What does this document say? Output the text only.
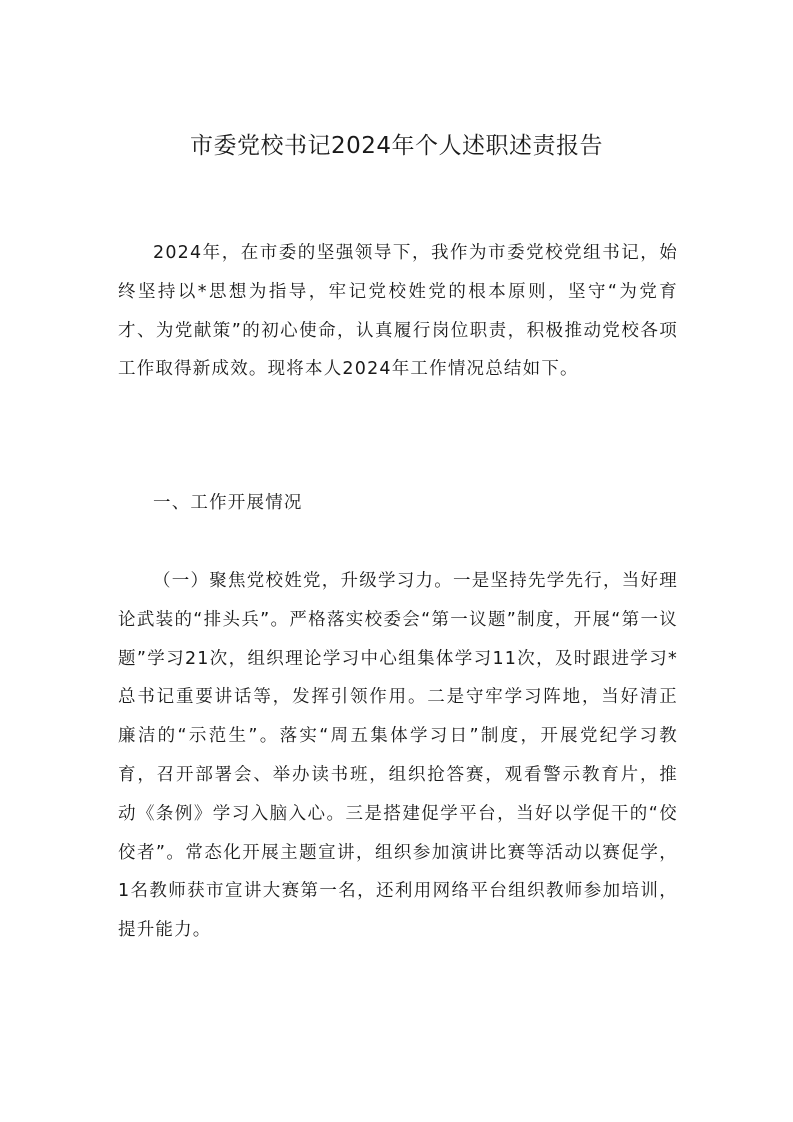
市委党校书记2024年个人述职述责报告

2024年，在市委的坚强领导下，我作为市委党校党组书记，始终坚持以*思想为指导，牢记党校姓党的根本原则，坚守“为党育才、为党献策”的初心使命，认真履行岗位职责，积极推动党校各项工作取得新成效。现将本人2024年工作情况总结如下。

一、工作开展情况

（一）聚焦党校姓党，升级学习力。一是坚持先学先行，当好理论武装的“排头兵”。严格落实校委会“第一议题”制度，开展“第一议题”学习21次，组织理论学习中心组集体学习11次，及时跟进学习*总书记重要讲话等，发挥引领作用。二是守牢学习阵地，当好清正廉洁的“示范生”。落实“周五集体学习日”制度，开展党纪学习教育，召开部署会、举办读书班，组织抢答赛，观看警示教育片，推动《条例》学习入脑入心。三是搭建促学平台，当好以学促干的“佼佼者”。常态化开展主题宣讲，组织参加演讲比赛等活动以赛促学，1名教师获市宣讲大赛第一名，还利用网络平台组织教师参加培训，提升能力。
